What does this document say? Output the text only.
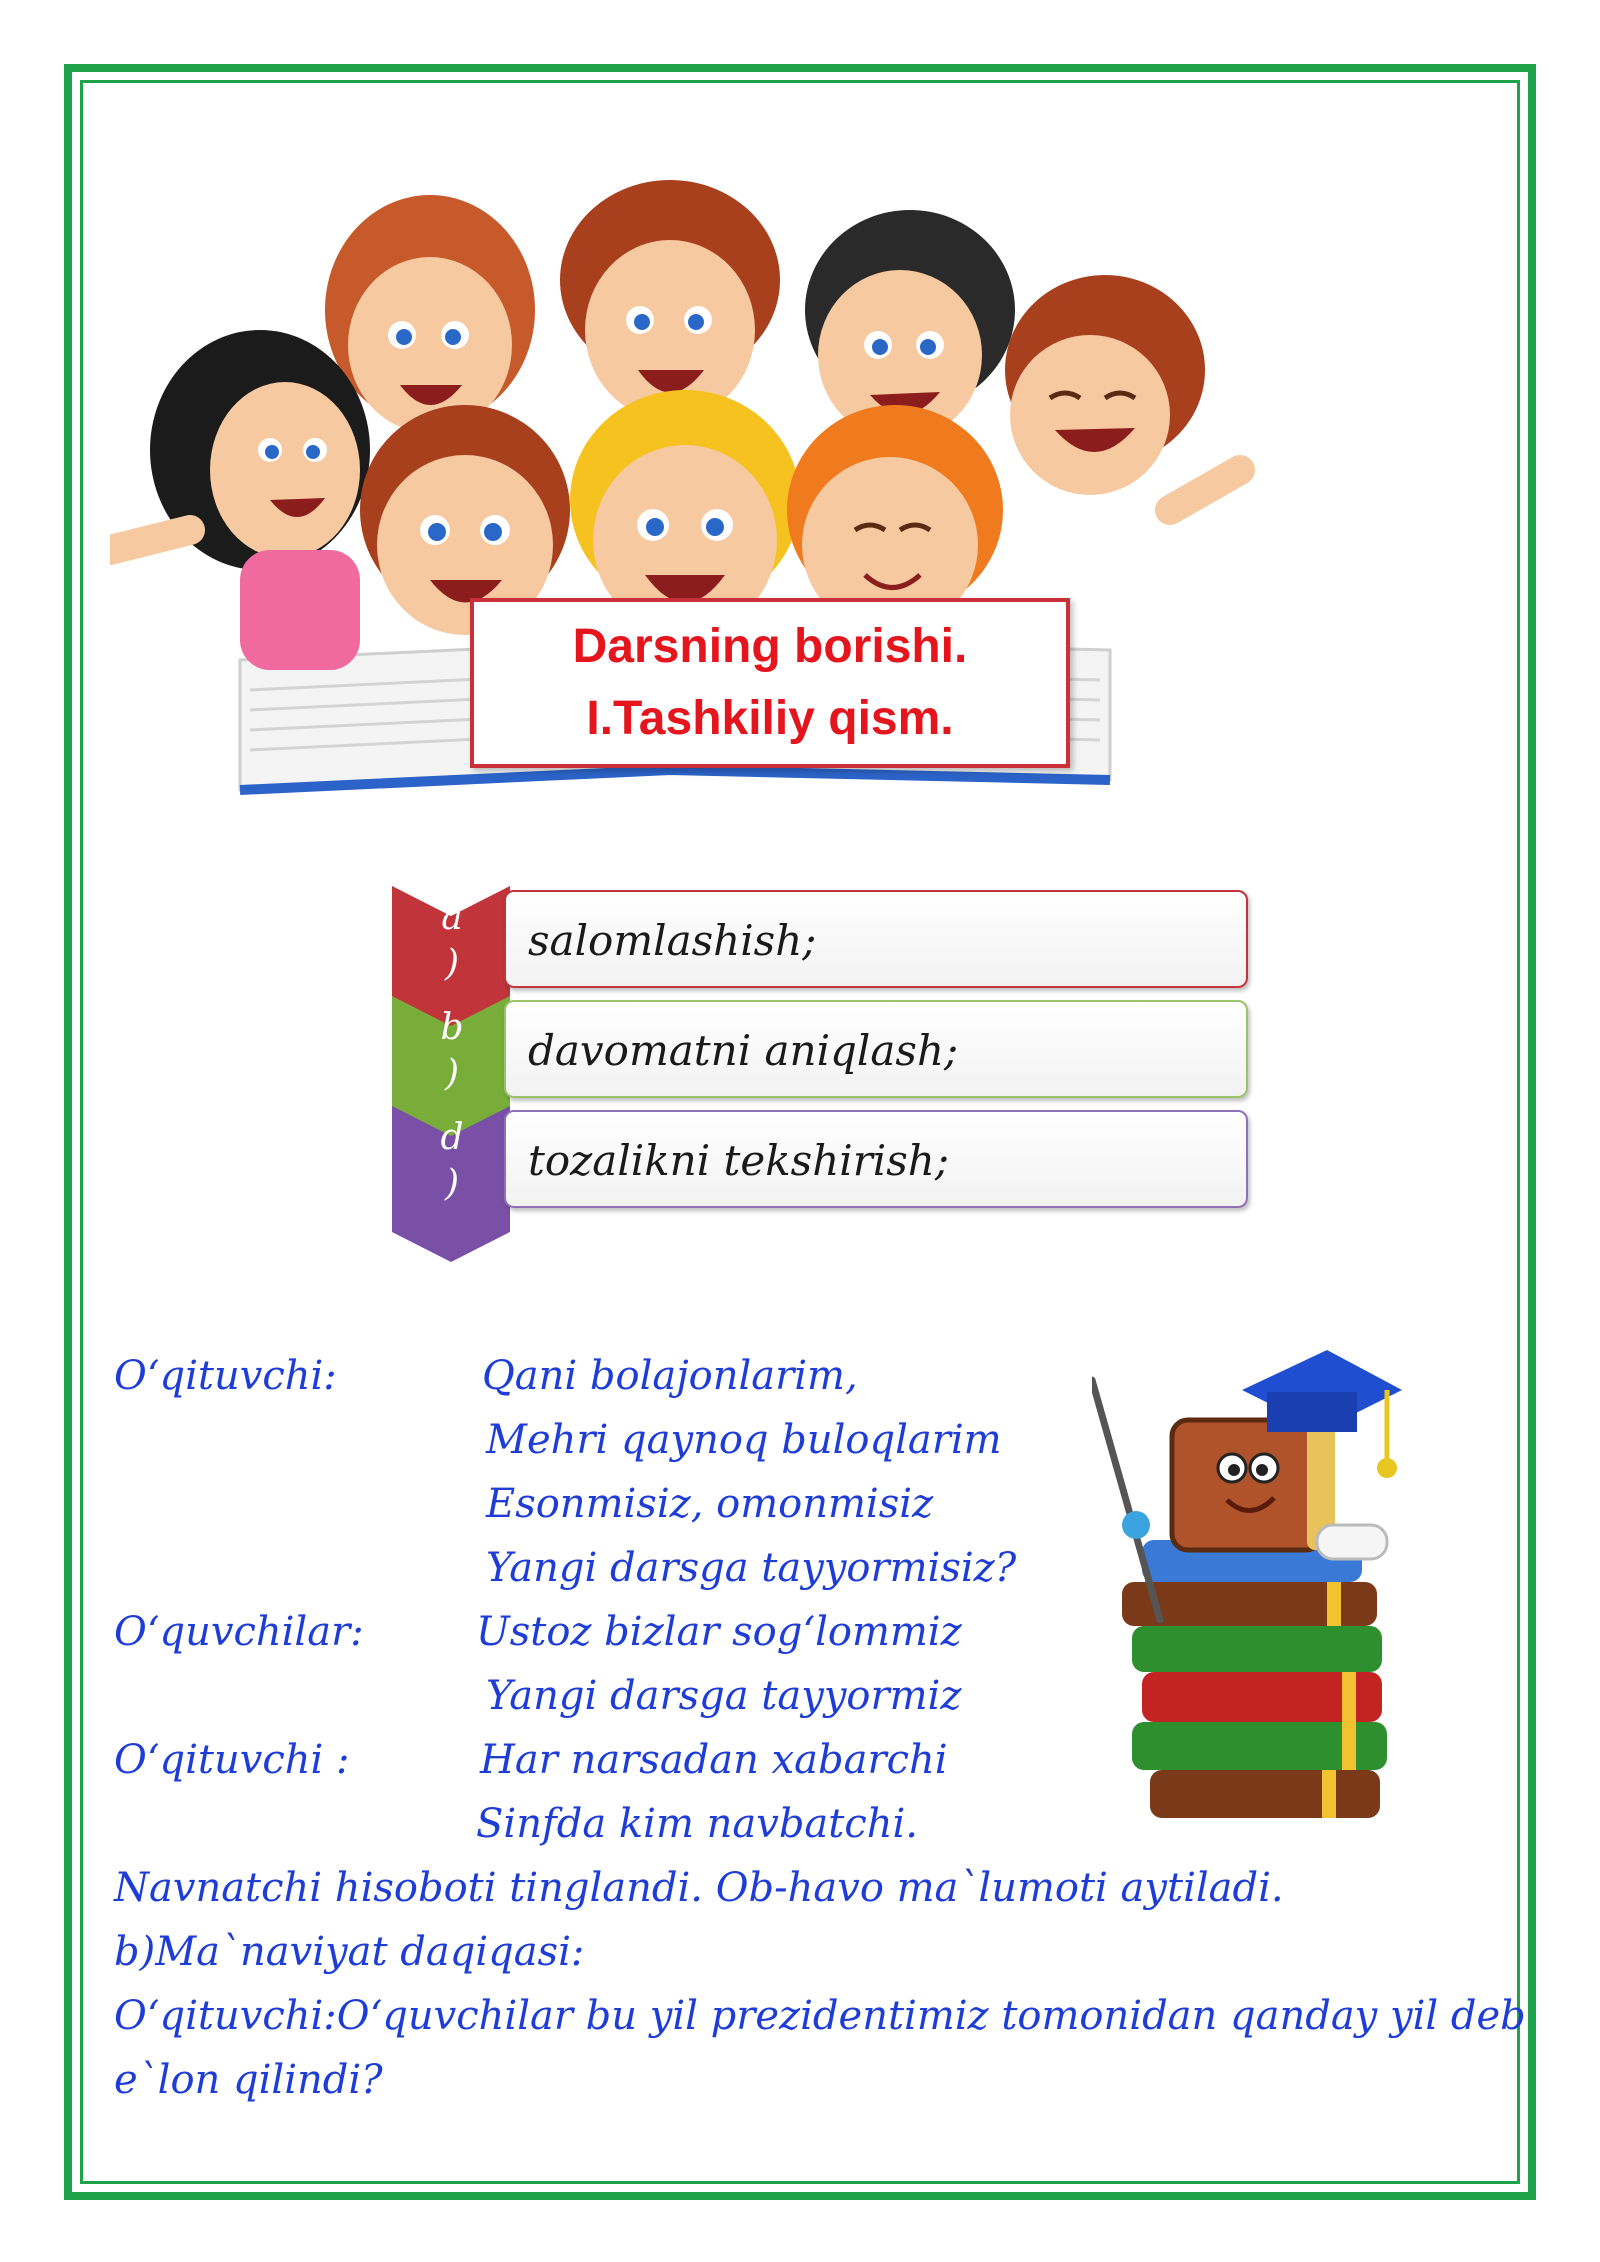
Darsning borishi.
I.Tashkiliy qism.
a
)	salomlashish;
b
)	davomatni aniqlash;
d
)	tozalikni tekshirish;
O‘qituvchi:	Qani bolajonlarim,
Mehri qaynoq buloqlarim
Esonmisiz, omonmisiz
Yangi darsga tayyormisiz?
O‘quvchilar:	Ustoz bizlar sog‘lommiz
Yangi darsga tayyormiz
O‘qituvchi :	Har narsadan xabarchi
Sinfda kim navbatchi.
Navnatchi hisoboti tinglandi. Ob-havo ma`lumoti aytiladi.
b)Ma`naviyat daqiqasi:
O‘qituvchi:O‘quvchilar bu yil prezidentimiz tomonidan qanday yil deb
e`lon qilindi?
